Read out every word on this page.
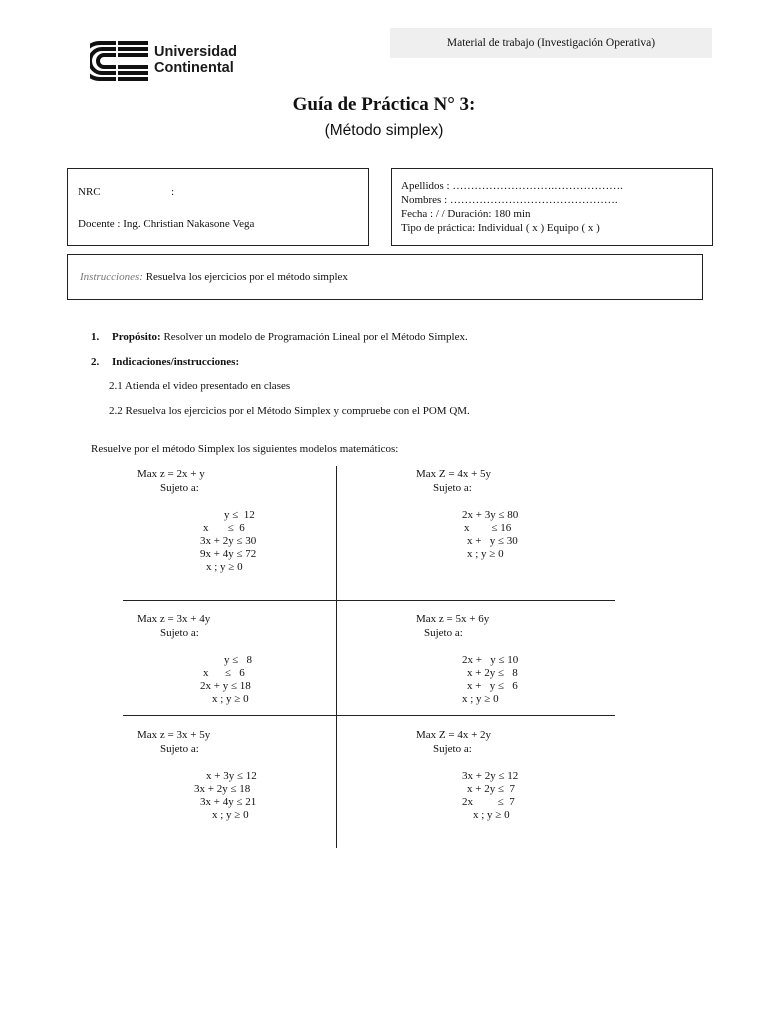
Universidad
Continental
Material de trabajo (Investigación Operativa)
Guía de Práctica N° 3:
(Método simplex)
NRC	:
Docente : Ing. Christian Nakasone Vega
Apellidos : ……………………….……………….
Nombres : ……………………………………….
Fecha : / / Duración: 180 min
Tipo de práctica: Individual ( x ) Equipo ( x )
Instrucciones: Resuelva los ejercicios por el método simplex
1. Propósito: Resolver un modelo de Programación Lineal por el Método Simplex.
2. Indicaciones/instrucciones:
2.1 Atienda el video presentado en clases
2.2 Resuelva los ejercicios por el Método Simplex y compruebe con el POM QM.
Resuelve por el método Simplex los siguientes modelos matemáticos:
Max z = 2x + y
Sujeto a:
y ≤  12
x       ≤  6
3x + 2y ≤ 30
9x + 4y ≤ 72
x ; y ≥ 0
Max Z = 4x + 5y
Sujeto a:
2x + 3y ≤ 80
x        ≤ 16
x +   y ≤ 30
x ; y ≥ 0
Max z = 3x + 4y
Sujeto a:
y ≤   8
x      ≤   6
2x + y ≤ 18
x ; y ≥ 0
Max z = 5x + 6y
Sujeto a:
2x +   y ≤ 10
x + 2y ≤   8
x +   y ≤   6
x ; y ≥ 0
Max z = 3x + 5y
Sujeto a:
x + 3y ≤ 12
3x + 2y ≤ 18
3x + 4y ≤ 21
x ; y ≥ 0
Max Z = 4x + 2y
Sujeto a:
3x + 2y ≤ 12
x + 2y ≤  7
2x         ≤  7
x ; y ≥ 0
